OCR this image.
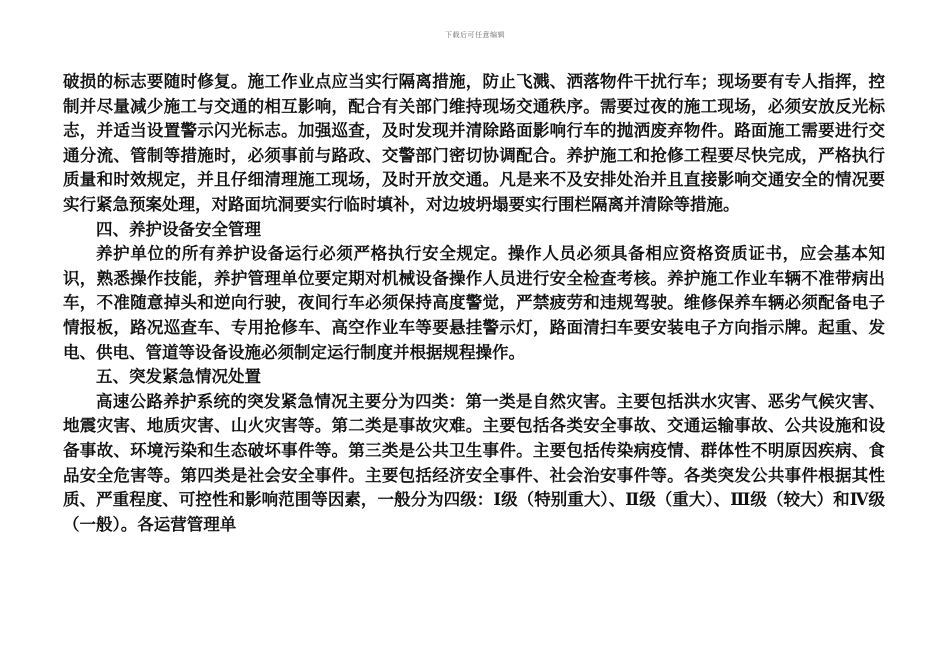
下载后可任意编辑

破损的标志要随时修复。施工作业点应当实行隔离措施，防止飞溅、洒落物件干扰行车；现场要有专人指挥，控制并尽量减少施工与交通的相互影响，配合有关部门维持现场交通秩序。需要过夜的施工现场，必须安放反光标志，并适当设置警示闪光标志。加强巡查，及时发现并清除路面影响行车的抛洒废弃物件。路面施工需要进行交通分流、管制等措施时，必须事前与路政、交警部门密切协调配合。养护施工和抢修工程要尽快完成，严格执行质量和时效规定，并且仔细清理施工现场，及时开放交通。凡是来不及安排处治并且直接影响交通安全的情况要实行紧急预案处理，对路面坑洞要实行临时填补，对边坡坍塌要实行围栏隔离并清除等措施。

四、养护设备安全管理

养护单位的所有养护设备运行必须严格执行安全规定。操作人员必须具备相应资格资质证书，应会基本知识，熟悉操作技能，养护管理单位要定期对机械设备操作人员进行安全检查考核。养护施工作业车辆不准带病出车，不准随意掉头和逆向行驶，夜间行车必须保持高度警觉，严禁疲劳和违规驾驶。维修保养车辆必须配备电子情报板，路况巡查车、专用抢修车、高空作业车等要悬挂警示灯，路面清扫车要安装电子方向指示牌。起重、发电、供电、管道等设备设施必须制定运行制度并根据规程操作。

五、突发紧急情况处置

高速公路养护系统的突发紧急情况主要分为四类：第一类是自然灾害。主要包括洪水灾害、恶劣气候灾害、地震灾害、地质灾害、山火灾害等。第二类是事故灾难。主要包括各类安全事故、交通运输事故、公共设施和设备事故、环境污染和生态破坏事件等。第三类是公共卫生事件。主要包括传染病疫情、群体性不明原因疾病、食品安全危害等。第四类是社会安全事件。主要包括经济安全事件、社会治安事件等。各类突发公共事件根据其性质、严重程度、可控性和影响范围等因素，一般分为四级：Ⅰ级（特别重大）、Ⅱ级（重大）、Ⅲ级（较大）和Ⅳ级（一般）。各运营管理单
